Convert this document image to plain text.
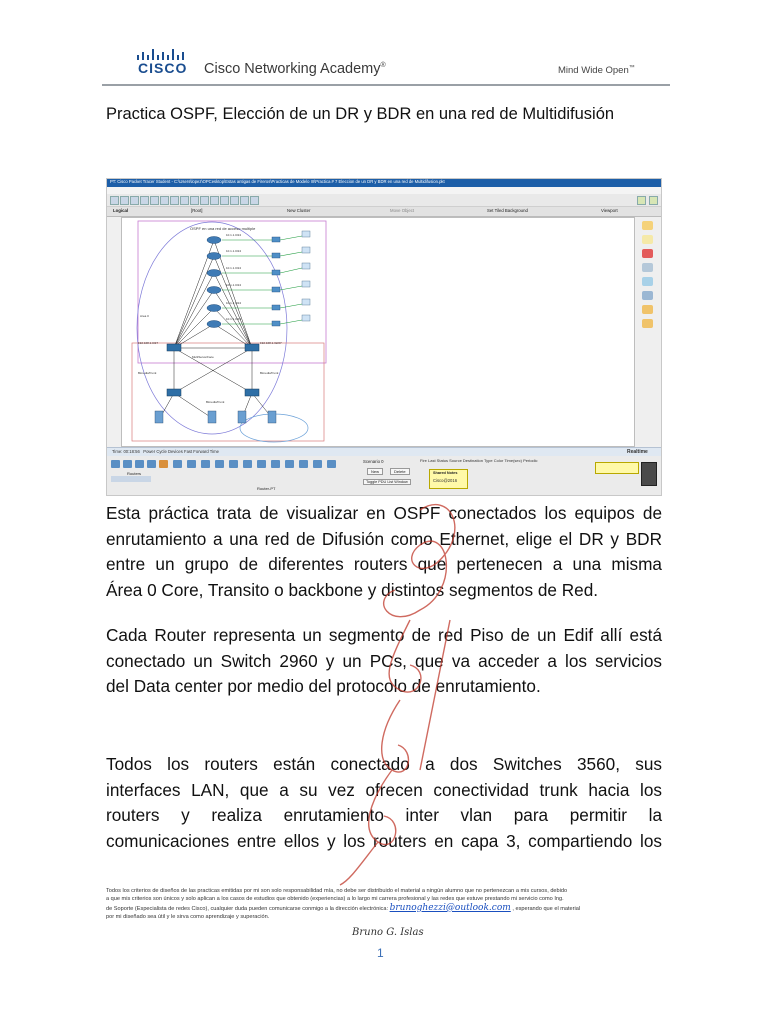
CISCO Cisco Networking Academy®	Mind Wide Open™
Practica OSPF, Elección de un DR y BDR en una red de Multidifusión
PT: Cisco Packet Tracer Student - C:\Users\lopez\OPCesktop\Estas antigas de Fireros\Practicas de Modelo III\Practica # 7 Eleccion de un DR y BDR en una red de Multidifusion.pkt
Logical	[Root]	New Cluster	Move Object	Set Tiled Background	Viewport
OSPF en una red de acceso multiple
10.1.1.0/24
10.1.1.0/24
10.1.1.0/24
10.1.1.0/24
10.1.1.0/24
10.1.1.0/24
192.168.1.0/27	192.168.1.32/27
MultiServerFace
BimediaTrunk	BimediaTrunk
BimediaTrunk
Area 0
Time: 00:18:56 Power Cycle Devices Fast Forward Time	Realtime
Routers
Router-PT
Scenario 0
New	Delete
Toggle PDU List Window
Fire Last Status Source Destination Type Color Time(sec) Periodic
Shared Notes
Cisco@2016
Esta práctica trata de visualizar en OSPF conectados los equipos de
enrutamiento a una red de Difusión como Ethernet, elige el DR y BDR
entre un grupo de diferentes routers que pertenecen a una misma
Área 0 Core, Transito o backbone y distintos segmentos de Red.
Cada Router representa un segmento de red Piso de un Edif allí está
conectado un Switch 2960 y un PCs, que va acceder a los servicios
del Data center por medio del protocolo de enrutamiento.
Todos los routers están conectado a dos Switches 3560, sus
interfaces LAN, que a su vez ofrecen conectividad trunk hacia los
routers y realiza enrutamiento inter vlan para permitir la
comunicaciones entre ellos y los routers en capa 3, compartiendo los
Todos los criterios de diseños de las practicas emitidas por mi son solo responsabilidad mía, no debe ser distribuido el material a ningún alumno que no pertenezcan a mis cursos, debido
a que mis criterios son únicos y solo aplican a los casos de estudios que obtenido (experiencias) a lo largo mi carrera profesional y las redes que estuve prestando mi servicio como Ing.
de Soporte (Especialista de redes Cisco), cualquier duda pueden comunicarse conmigo a la dirección electrónica: brunoghezzi@outlook.com , esperando que el material
por mi diseñado sea útil y le sirva como aprendizaje y superación.
Bruno G. Islas
1
